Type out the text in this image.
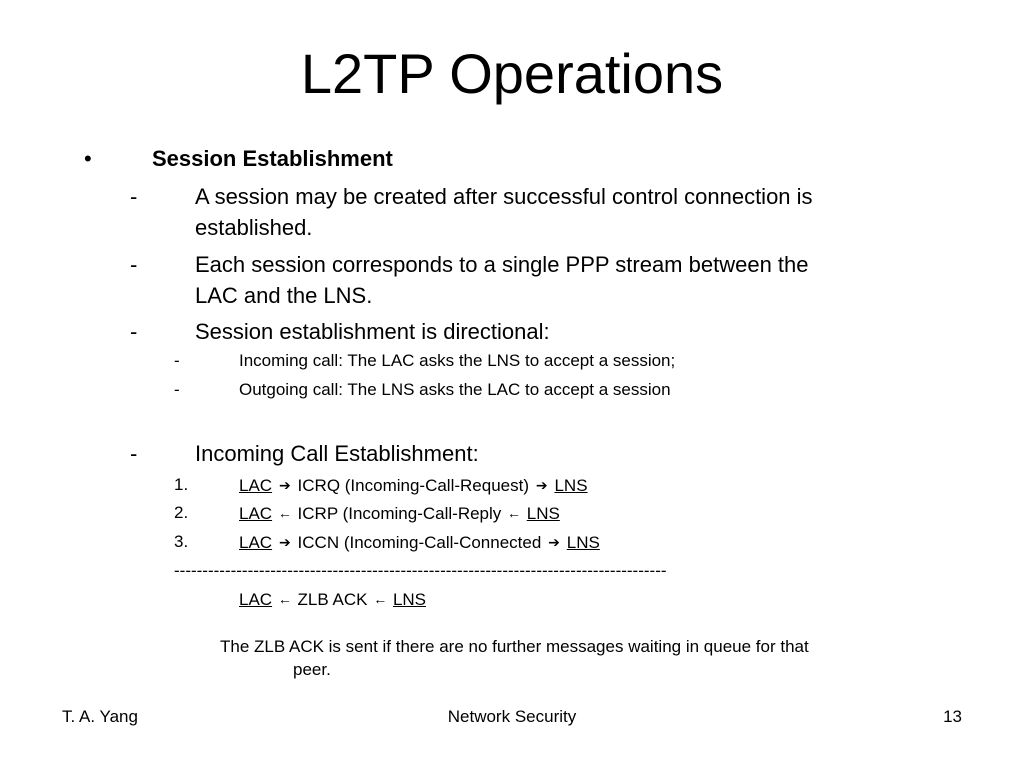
L2TP Operations
•	Session Establishment
-	A session may be created after successful control connection is
established.
-	Each session corresponds to a single PPP stream between the
LAC and the LNS.
-	Session establishment is directional:
-	Incoming call: The LAC asks the LNS to accept a session;
-	Outgoing call: The LNS asks the LAC to accept a session
-	Incoming Call Establishment:
1.	LAC ➔ ICRQ (Incoming-Call-Request) ➔ LNS
2.	LAC ← ICRP (Incoming-Call-Reply ← LNS
3.	LAC ➔ ICCN (Incoming-Call-Connected ➔ LNS
---------------------------------------------------------------------------------------
LAC ← ZLB ACK ← LNS
The ZLB ACK is sent if there are no further messages waiting in queue for that
peer.
T. A. Yang	Network Security	13
